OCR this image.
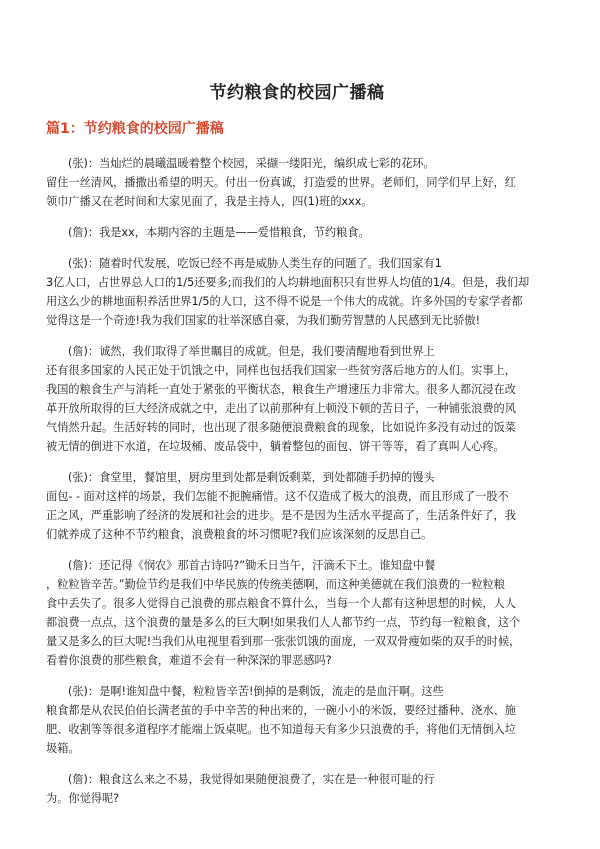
节约粮食的校园广播稿
篇1：节约粮食的校园广播稿
(张)：当灿烂的晨曦温暖着整个校园，采撷一缕阳光，编织成七彩的花环。
留住一丝清风，播撒出希望的明天。付出一份真诚，打造爱的世界。老师们，同学们早上好，红
领巾广播又在老时间和大家见面了，我是主持人，四(1)班的xxx。
(詹)：我是xx，本期内容的主题是——爱惜粮食，节约粮食。
(张)：随着时代发展，吃饭已经不再是威胁人类生存的问题了。我们国家有1
3亿人口，占世界总人口的1/5还要多;而我们的人均耕地面积只有世界人均值的1/4。但是，我们却
用这么少的耕地面积养活世界1/5的人口，这不得不说是一个伟大的成就。许多外国的专家学者都
觉得这是一个奇迹!我为我们国家的壮举深感自豪，为我们勤劳智慧的人民感到无比骄傲!
(詹)：诚然，我们取得了举世瞩目的成就。但是，我们要清醒地看到世界上
还有很多国家的人民正处于饥饿之中，同样也包括我们国家一些贫穷落后地方的人们。实事上，
我国的粮食生产与消耗一直处于紧张的平衡状态，粮食生产增速压力非常大。很多人都沉浸在改
革开放所取得的巨大经济成就之中，走出了以前那种有上顿没下顿的苦日子，一种铺张浪费的风
气悄然升起。生活好转的同时，也出现了很多随便浪费粮食的现象，比如说许多没有动过的饭菜
被无情的倒进下水道，在垃圾桶、废品袋中，躺着整包的面包、饼干等等，看了真叫人心疼。
(张)：食堂里，餐馆里，厨房里到处都是剩饭剩菜，到处都随手扔掉的馒头
面包- - 面对这样的场景，我们怎能不扼腕痛惜。这不仅造成了极大的浪费，而且形成了一股不
正之风，严重影响了经济的发展和社会的进步。是不是因为生活水平提高了，生活条件好了，我
们就养成了这种不节约粮食，浪费粮食的坏习惯呢?我们应该深刻的反思自己。
(詹)：还记得《悯农》那首古诗吗?”锄禾日当午，汗滴禾下土。谁知盘中餐
，粒粒皆辛苦。”勤俭节约是我们中华民族的传统美德啊，而这种美德就在我们浪费的一粒粒粮
食中丢失了。很多人觉得自己浪费的那点粮食不算什么，当每一个人都有这种思想的时候，人人
都浪费一点点，这个浪费的量是多么的巨大啊!如果我们人人都节约一点，节约每一粒粮食，这个
量又是多么的巨大呢!当我们从电视里看到那一张张饥饿的面庞，一双双骨瘦如柴的双手的时候，
看着你浪费的那些粮食，难道不会有一种深深的罪恶感吗?
(张)：是啊!谁知盘中餐，粒粒皆辛苦!倒掉的是剩饭，流走的是血汗啊。这些
粮食都是从农民伯伯长满老茧的手中辛苦的种出来的，一碗小小的米饭，要经过播种、浇水、施
肥、收割等等很多道程序才能端上饭桌呢。也不知道每天有多少只浪费的手，将他们无情倒入垃
圾箱。
(詹)：粮食这么来之不易，我觉得如果随便浪费了，实在是一种很可耻的行
为。你觉得呢?
